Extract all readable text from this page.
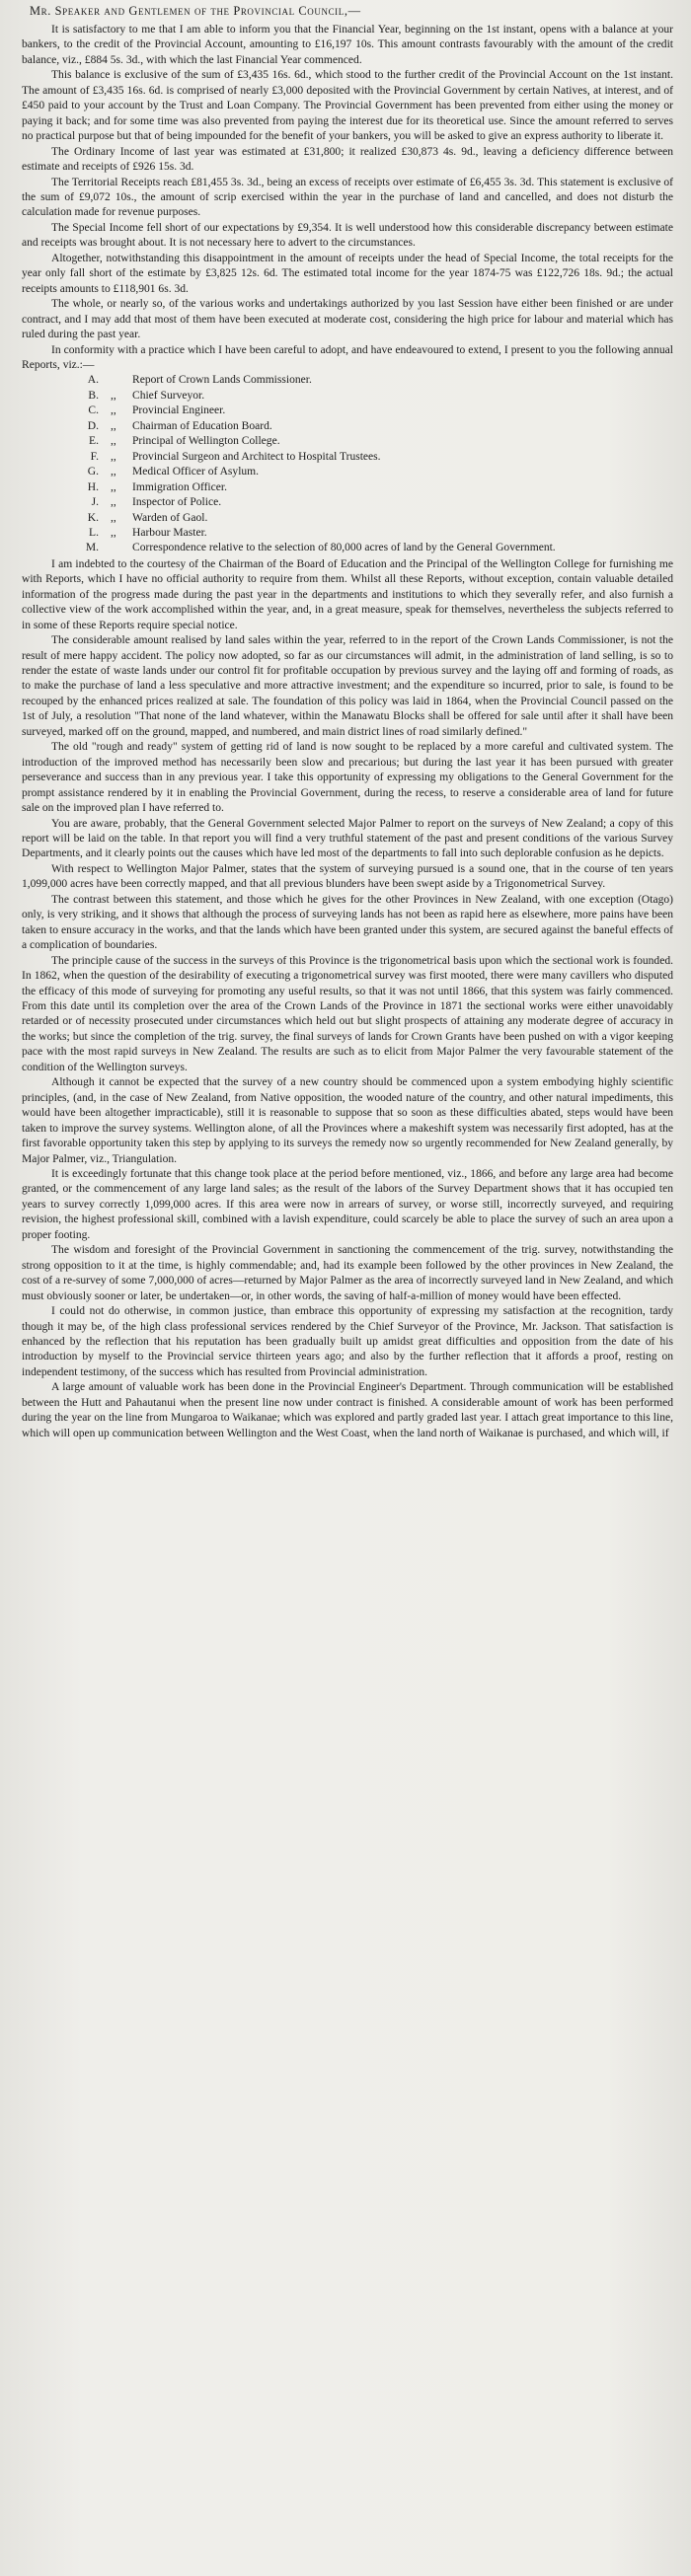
Mr. Speaker and Gentlemen of the Provincial Council,—

It is satisfactory to me that I am able to inform you that the Financial Year, beginning on the 1st instant, opens with a balance at your bankers, to the credit of the Provincial Account, amounting to £16,197 10s. This amount contrasts favourably with the amount of the credit balance, viz., £884 5s. 3d., with which the last Financial Year commenced.

This balance is exclusive of the sum of £3,435 16s. 6d., which stood to the further credit of the Provincial Account on the 1st instant. The amount of £3,435 16s. 6d. is comprised of nearly £3,000 deposited with the Provincial Government by certain Natives, at interest, and of £450 paid to your account by the Trust and Loan Company. The Provincial Government has been prevented from either using the money or paying it back; and for some time was also prevented from paying the interest due for its theoretical use. Since the amount referred to serves no practical purpose but that of being impounded for the benefit of your bankers, you will be asked to give an express authority to liberate it.

The Ordinary Income of last year was estimated at £31,800; it realized £30,873 4s. 9d., leaving a deficiency difference between estimate and receipts of £926 15s. 3d.

The Territorial Receipts reach £81,455 3s. 3d., being an excess of receipts over estimate of £6,455 3s. 3d. This statement is exclusive of the sum of £9,072 10s., the amount of scrip exercised within the year in the purchase of land and cancelled, and does not disturb the calculation made for revenue purposes.

The Special Income fell short of our expectations by £9,354. It is well understood how this considerable discrepancy between estimate and receipts was brought about. It is not necessary here to advert to the circumstances.

Altogether, notwithstanding this disappointment in the amount of receipts under the head of Special Income, the total receipts for the year only fall short of the estimate by £3,825 12s. 6d. The estimated total income for the year 1874-75 was £122,726 18s. 9d.; the actual receipts amounts to £118,901 6s. 3d.

The whole, or nearly so, of the various works and undertakings authorized by you last Session have either been finished or are under contract, and I may add that most of them have been executed at moderate cost, considering the high price for labour and material which has ruled during the past year.

In conformity with a practice which I have been careful to adopt, and have endeavoured to extend, I present to you the following annual Reports, viz.:—

A.	Report of Crown Lands Commissioner.
B.	,,	Chief Surveyor.
C.	,,	Provincial Engineer.
D.	,,	Chairman of Education Board.
E.	,,	Principal of Wellington College.
F.	,,	Provincial Surgeon and Architect to Hospital Trustees.
G.	,,	Medical Officer of Asylum.
H.	,,	Immigration Officer.
J.	,,	Inspector of Police.
K.	,,	Warden of Gaol.
L.	,,	Harbour Master.
M.	Correspondence relative to the selection of 80,000 acres of land by the General Government.

I am indebted to the courtesy of the Chairman of the Board of Education and the Principal of the Wellington College for furnishing me with Reports, which I have no official authority to require from them. Whilst all these Reports, without exception, contain valuable detailed information of the progress made during the past year in the departments and institutions to which they severally refer, and also furnish a collective view of the work accomplished within the year, and, in a great measure, speak for themselves, nevertheless the subjects referred to in some of these Reports require special notice.

The considerable amount realised by land sales within the year, referred to in the report of the Crown Lands Commissioner, is not the result of mere happy accident. The policy now adopted, so far as our circumstances will admit, in the administration of land selling, is so to render the estate of waste lands under our control fit for profitable occupation by previous survey and the laying off and forming of roads, as to make the purchase of land a less speculative and more attractive investment; and the expenditure so incurred, prior to sale, is found to be recouped by the enhanced prices realized at sale. The foundation of this policy was laid in 1864, when the Provincial Council passed on the 1st of July, a resolution "That none of the land whatever, within the Manawatu Blocks shall be offered for sale until after it shall have been surveyed, marked off on the ground, mapped, and numbered, and main district lines of road similarly defined."

The old "rough and ready" system of getting rid of land is now sought to be replaced by a more careful and cultivated system. The introduction of the improved method has necessarily been slow and precarious; but during the last year it has been pursued with greater perseverance and success than in any previous year. I take this opportunity of expressing my obligations to the General Government for the prompt assistance rendered by it in enabling the Provincial Government, during the recess, to reserve a considerable area of land for future sale on the improved plan I have referred to.

You are aware, probably, that the General Government selected Major Palmer to report on the surveys of New Zealand; a copy of this report will be laid on the table. In that report you will find a very truthful statement of the past and present conditions of the various Survey Departments, and it clearly points out the causes which have led most of the departments to fall into such deplorable confusion as he depicts.

With respect to Wellington Major Palmer, states that the system of surveying pursued is a sound one, that in the course of ten years 1,099,000 acres have been correctly mapped, and that all previous blunders have been swept aside by a Trigonometrical Survey.

The contrast between this statement, and those which he gives for the other Provinces in New Zealand, with one exception (Otago) only, is very striking, and it shows that although the process of surveying lands has not been as rapid here as elsewhere, more pains have been taken to ensure accuracy in the works, and that the lands which have been granted under this system, are secured against the baneful effects of a complication of boundaries.

The principle cause of the success in the surveys of this Province is the trigonometrical basis upon which the sectional work is founded. In 1862, when the question of the desirability of executing a trigonometrical survey was first mooted, there were many cavillers who disputed the efficacy of this mode of surveying for promoting any useful results, so that it was not until 1866, that this system was fairly commenced. From this date until its completion over the area of the Crown Lands of the Province in 1871 the sectional works were either unavoidably retarded or of necessity prosecuted under circumstances which held out but slight prospects of attaining any moderate degree of accuracy in the works; but since the completion of the trig. survey, the final surveys of lands for Crown Grants have been pushed on with a vigor keeping pace with the most rapid surveys in New Zealand. The results are such as to elicit from Major Palmer the very favourable statement of the condition of the Wellington surveys.

Although it cannot be expected that the survey of a new country should be commenced upon a system embodying highly scientific principles, (and, in the case of New Zealand, from Native opposition, the wooded nature of the country, and other natural impediments, this would have been altogether impracticable), still it is reasonable to suppose that so soon as these difficulties abated, steps would have been taken to improve the survey systems. Wellington alone, of all the Provinces where a makeshift system was necessarily first adopted, has at the first favorable opportunity taken this step by applying to its surveys the remedy now so urgently recommended for New Zealand generally, by Major Palmer, viz., Triangulation.

It is exceedingly fortunate that this change took place at the period before mentioned, viz., 1866, and before any large area had become granted, or the commencement of any large land sales; as the result of the labors of the Survey Department shows that it has occupied ten years to survey correctly 1,099,000 acres. If this area were now in arrears of survey, or worse still, incorrectly surveyed, and requiring revision, the highest professional skill, combined with a lavish expenditure, could scarcely be able to place the survey of such an area upon a proper footing.

The wisdom and foresight of the Provincial Government in sanctioning the commencement of the trig. survey, notwithstanding the strong opposition to it at the time, is highly commendable; and, had its example been followed by the other provinces in New Zealand, the cost of a re-survey of some 7,000,000 of acres—returned by Major Palmer as the area of incorrectly surveyed land in New Zealand, and which must obviously sooner or later, be undertaken—or, in other words, the saving of half-a-million of money would have been effected.

I could not do otherwise, in common justice, than embrace this opportunity of expressing my satisfaction at the recognition, tardy though it may be, of the high class professional services rendered by the Chief Surveyor of the Province, Mr. Jackson. That satisfaction is enhanced by the reflection that his reputation has been gradually built up amidst great difficulties and opposition from the date of his introduction by myself to the Provincial service thirteen years ago; and also by the further reflection that it affords a proof, resting on independent testimony, of the success which has resulted from Provincial administration.

A large amount of valuable work has been done in the Provincial Engineer's Department. Through communication will be established between the Hutt and Pahautanui when the present line now under contract is finished. A considerable amount of work has been performed during the year on the line from Mungaroa to Waikanae; which was explored and partly graded last year. I attach great importance to this line, which will open up communication between Wellington and the West Coast, when the land north of Waikanae is purchased, and which will, if
